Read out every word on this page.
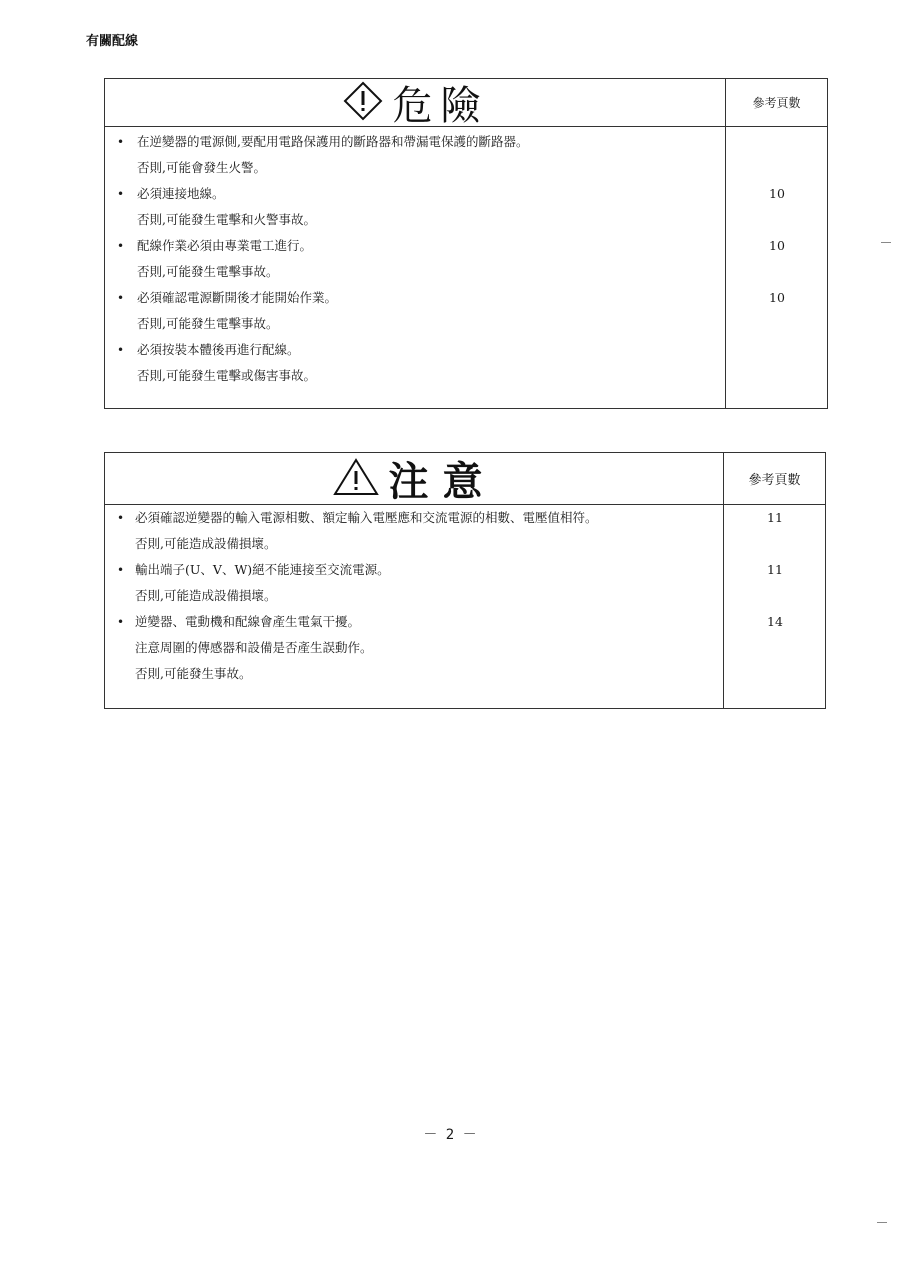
有關配線
危險	參考頁數
• 在逆變器的電源側,要配用電路保護用的斷路器和帶漏電保護的斷路器。
否則,可能會發生火警。
• 必須連接地線。	10
否則,可能發生電擊和火警事故。
• 配線作業必須由專業電工進行。	10
否則,可能發生電擊事故。
• 必須確認電源斷開後才能開始作業。	10
否則,可能發生電擊事故。
• 必須按裝本體後再進行配線。
否則,可能發生電擊或傷害事故。
注意	參考頁數
• 必須確認逆變器的輸入電源相數、額定輸入電壓應和交流電源的相數、電壓值相符。	11
否則,可能造成設備損壞。
• 輸出端子(U、V、W)絕不能連接至交流電源。	11
否則,可能造成設備損壞。
• 逆變器、電動機和配線會產生電氣干擾。	14
注意周圍的傳感器和設備是否產生誤動作。
否則,可能發生事故。
－ 2 －
